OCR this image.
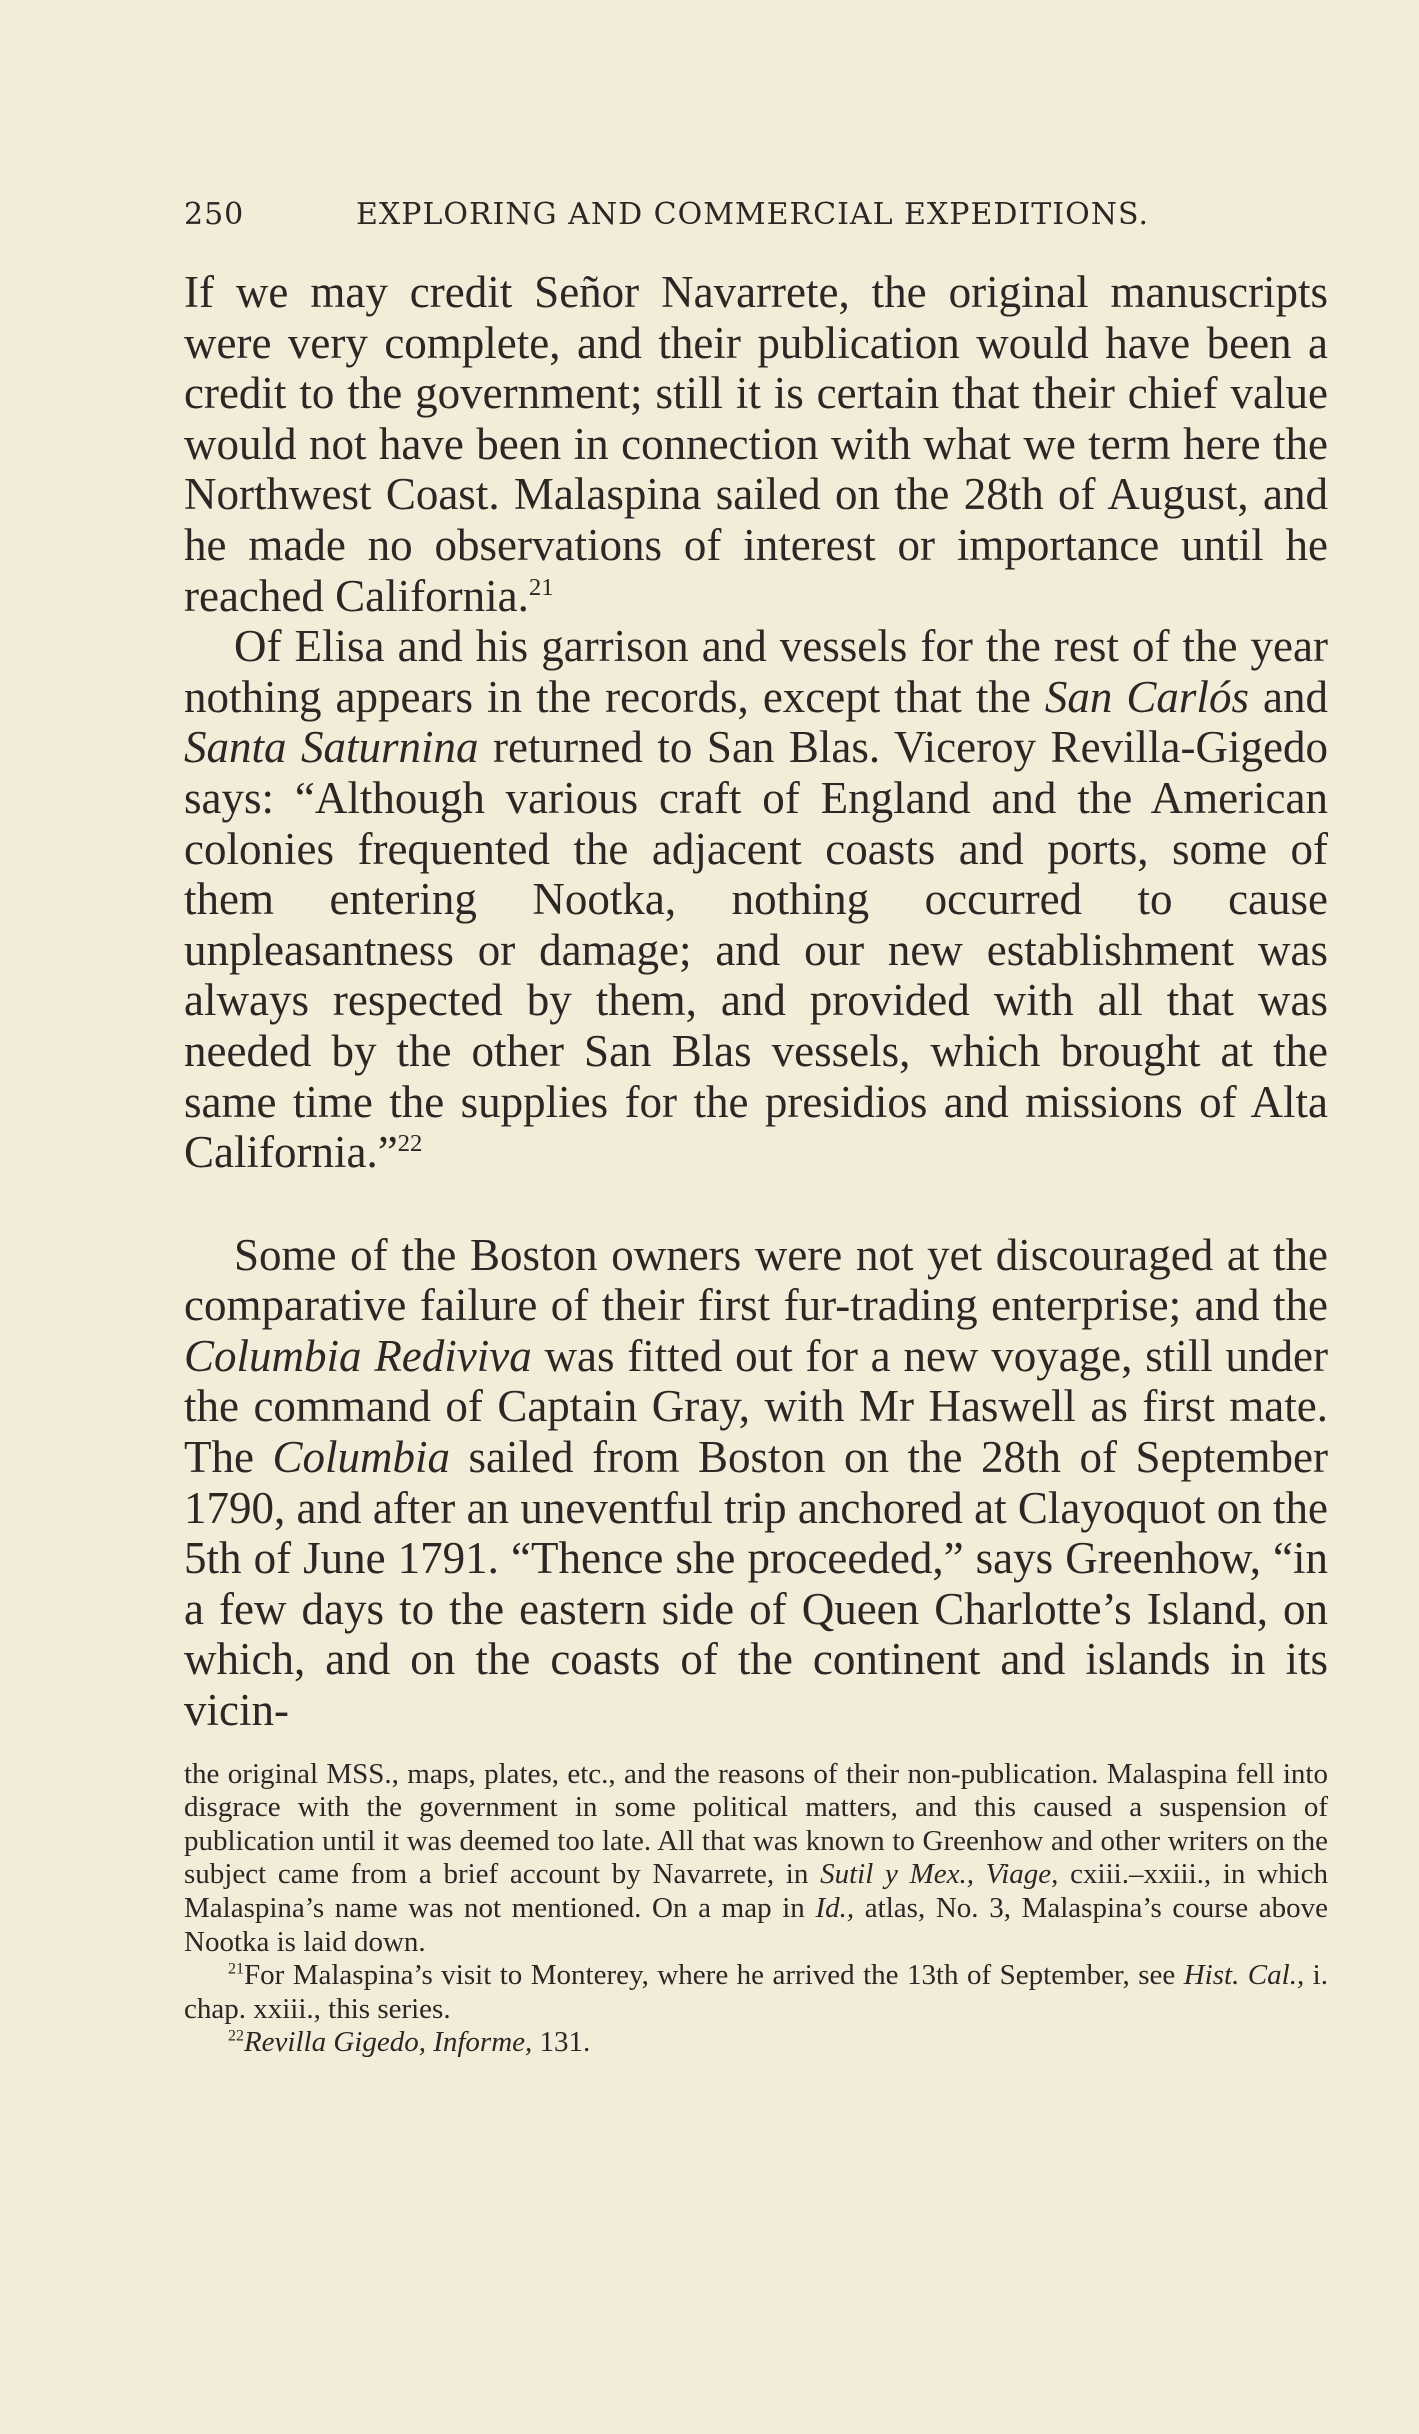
250	EXPLORING AND COMMERCIAL EXPEDITIONS.

If we may credit Señor Navarrete, the original manuscripts were very complete, and their publication would have been a credit to the government; still it is certain that their chief value would not have been in connection with what we term here the Northwest Coast. Malaspina sailed on the 28th of August, and he made no observations of interest or importance until he reached California.$^{21}$

Of Elisa and his garrison and vessels for the rest of the year nothing appears in the records, except that the San Carlós and Santa Saturnina returned to San Blas. Viceroy Revilla-Gigedo says: “Although various craft of England and the American colonies frequented the adjacent coasts and ports, some of them entering Nootka, nothing occurred to cause unpleasantness or damage; and our new establishment was always respected by them, and provided with all that was needed by the other San Blas vessels, which brought at the same time the supplies for the presidios and missions of Alta California.”$^{22}$

Some of the Boston owners were not yet discouraged at the comparative failure of their first fur-trading enterprise; and the Columbia Rediviva was fitted out for a new voyage, still under the command of Captain Gray, with Mr Haswell as first mate. The Columbia sailed from Boston on the 28th of September 1790, and after an uneventful trip anchored at Clayoquot on the 5th of June 1791. “Thence she proceeded,” says Greenhow, “in a few days to the eastern side of Queen Charlotte’s Island, on which, and on the coasts of the continent and islands in its vicin-

the original MSS., maps, plates, etc., and the reasons of their non-publication. Malaspina fell into disgrace with the government in some political matters, and this caused a suspension of publication until it was deemed too late. All that was known to Greenhow and other writers on the subject came from a brief account by Navarrete, in Sutil y Mex., Viage, cxiii.–xxiii., in which Malaspina’s name was not mentioned. On a map in Id., atlas, No. 3, Malaspina’s course above Nootka is laid down.

$^{21}$For Malaspina’s visit to Monterey, where he arrived the 13th of September, see Hist. Cal., i. chap. xxiii., this series.

$^{22}$Revilla Gigedo, Informe, 131.
